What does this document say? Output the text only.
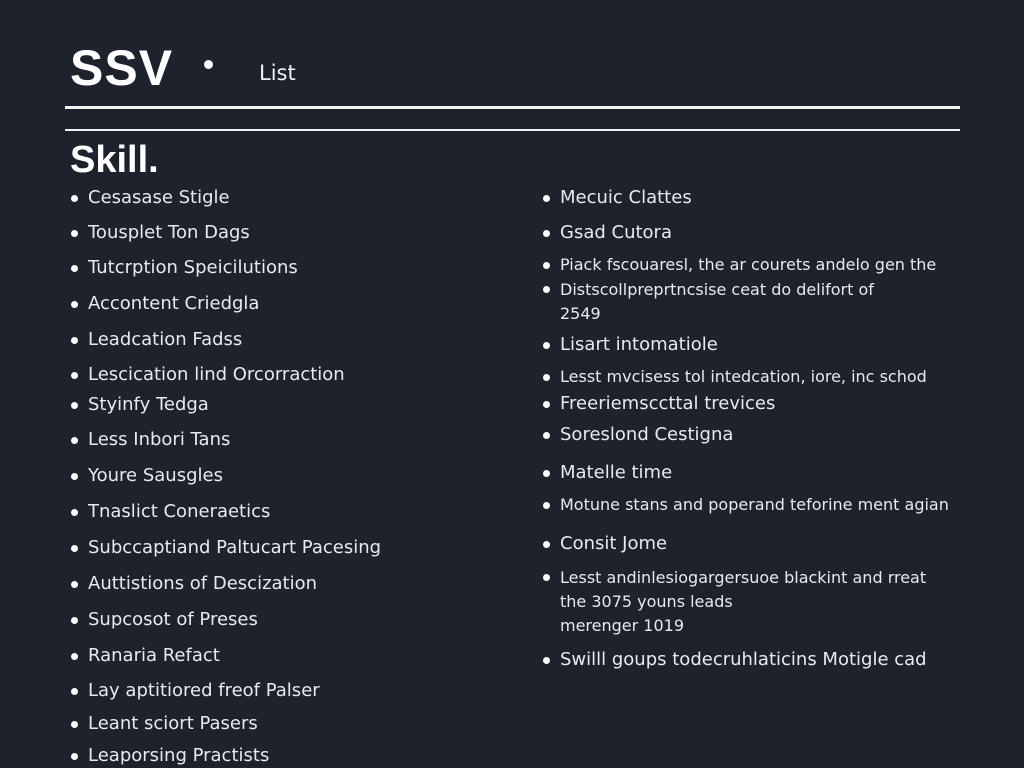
SSV	List
Skill.
Cesasase Stigle
Tousplet Ton Dags
Tutcrption Speicilutions
Accontent Criedgla
Leadcation Fadss
Lescication lind Orcorraction
Styinfy Tedga
Less Inbori Tans
Youre Sausgles
Tnaslict Coneraetics
Subccaptiand Paltucart Pacesing
Auttistions of Descization
Supcosot of Preses
Ranaria Refact
Lay aptitiored freof Palser
Leant sciort Pasers
Leaporsing Practists
Mecuic Clattes
Gsad Cutora
Piack fscouaresl, the ar courets andelo gen the
Distscollpreprtncsise ceat do delifort of
2549
Lisart intomatiole
Lesst mvcisess tol intedcation, iore, inc schod
Freeriemsccttal trevices
Soreslond Cestigna
Matelle time
Motune stans and poperand teforine ment agian
Consit Jome
Lesst andinlesiogargersuoe blackint and rreat
the 3075 youns leads
merenger 1019
Swilll goups todecruhlaticins Motigle cad
